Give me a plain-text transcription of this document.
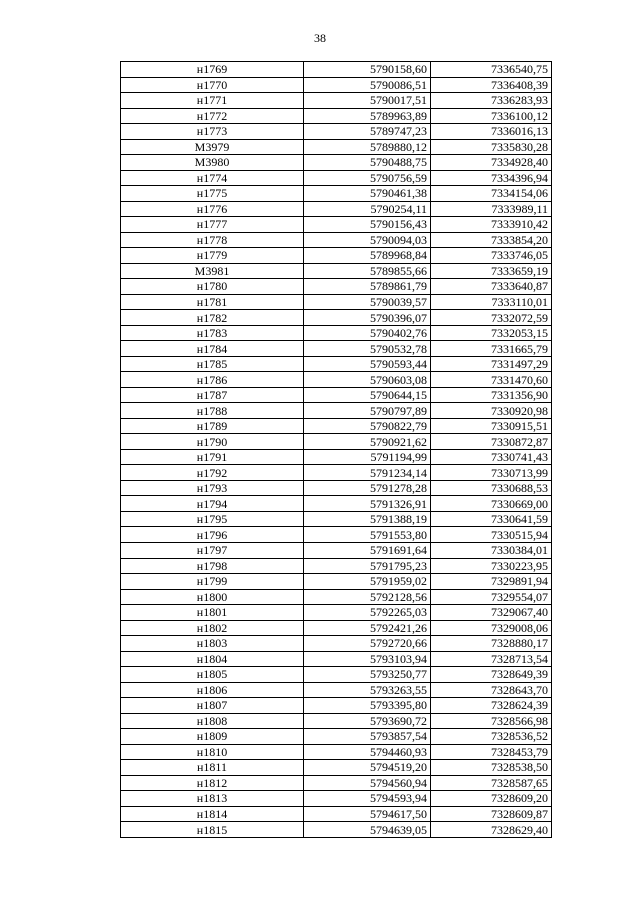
38
н1769	5790158,60	7336540,75
н1770	5790086,51	7336408,39
н1771	5790017,51	7336283,93
н1772	5789963,89	7336100,12
н1773	5789747,23	7336016,13
М3979	5789880,12	7335830,28
М3980	5790488,75	7334928,40
н1774	5790756,59	7334396,94
н1775	5790461,38	7334154,06
н1776	5790254,11	7333989,11
н1777	5790156,43	7333910,42
н1778	5790094,03	7333854,20
н1779	5789968,84	7333746,05
М3981	5789855,66	7333659,19
н1780	5789861,79	7333640,87
н1781	5790039,57	7333110,01
н1782	5790396,07	7332072,59
н1783	5790402,76	7332053,15
н1784	5790532,78	7331665,79
н1785	5790593,44	7331497,29
н1786	5790603,08	7331470,60
н1787	5790644,15	7331356,90
н1788	5790797,89	7330920,98
н1789	5790822,79	7330915,51
н1790	5790921,62	7330872,87
н1791	5791194,99	7330741,43
н1792	5791234,14	7330713,99
н1793	5791278,28	7330688,53
н1794	5791326,91	7330669,00
н1795	5791388,19	7330641,59
н1796	5791553,80	7330515,94
н1797	5791691,64	7330384,01
н1798	5791795,23	7330223,95
н1799	5791959,02	7329891,94
н1800	5792128,56	7329554,07
н1801	5792265,03	7329067,40
н1802	5792421,26	7329008,06
н1803	5792720,66	7328880,17
н1804	5793103,94	7328713,54
н1805	5793250,77	7328649,39
н1806	5793263,55	7328643,70
н1807	5793395,80	7328624,39
н1808	5793690,72	7328566,98
н1809	5793857,54	7328536,52
н1810	5794460,93	7328453,79
н1811	5794519,20	7328538,50
н1812	5794560,94	7328587,65
н1813	5794593,94	7328609,20
н1814	5794617,50	7328609,87
н1815	5794639,05	7328629,40
